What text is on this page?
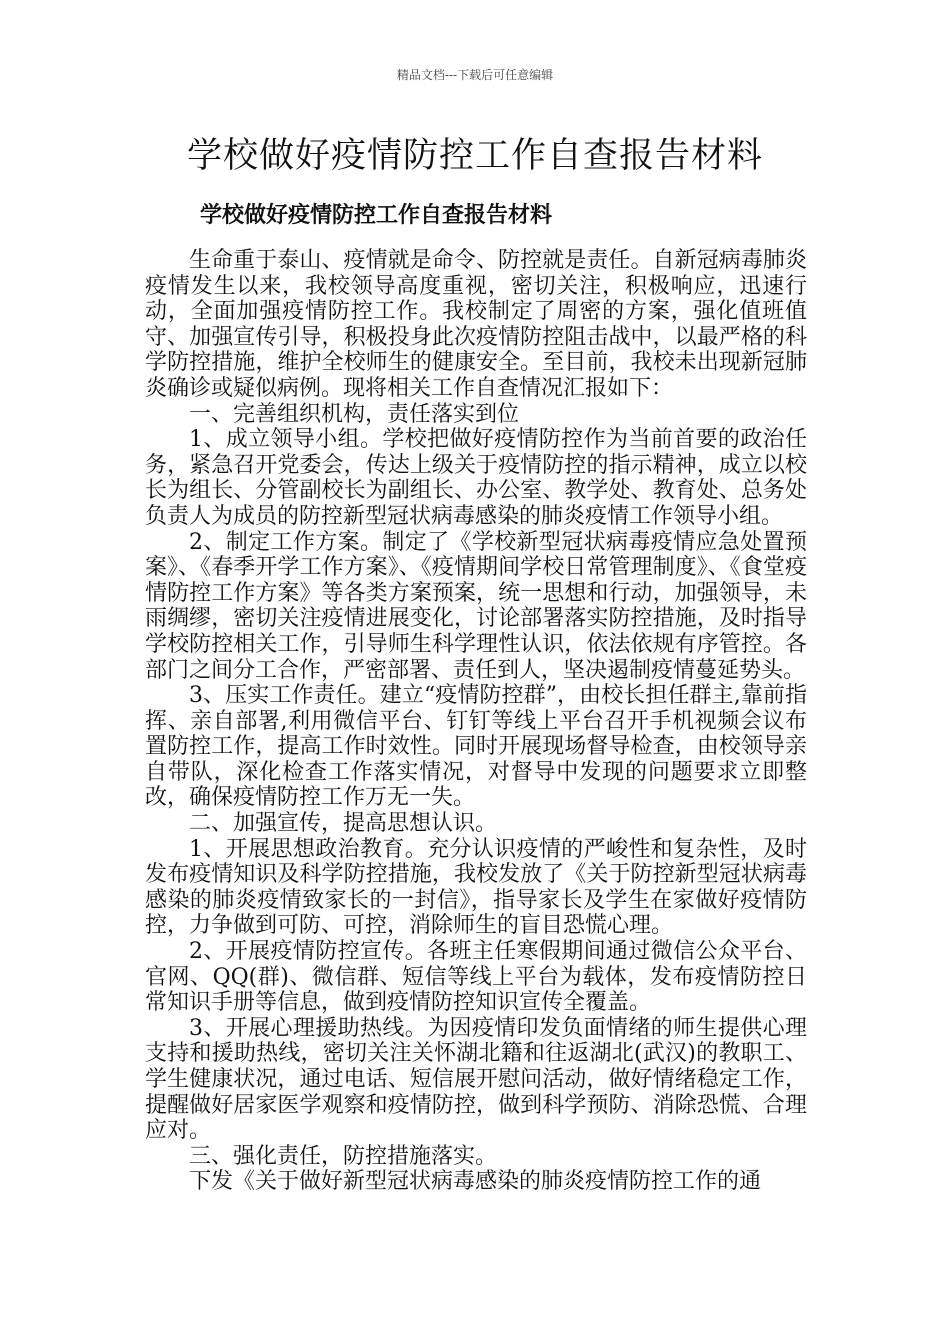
精品文档---下载后可任意编辑
学校做好疫情防控工作自查报告材料
学校做好疫情防控工作自查报告材料

生命重于泰山、疫情就是命令、防控就是责任。自新冠病毒肺炎疫情发生以来，我校领导高度重视，密切关注，积极响应，迅速行动，全面加强疫情防控工作。我校制定了周密的方案，强化值班值守、加强宣传引导，积极投身此次疫情防控阻击战中，以最严格的科学防控措施，维护全校师生的健康安全。至目前，我校未出现新冠肺炎确诊或疑似病例。现将相关工作自查情况汇报如下：

一、完善组织机构，责任落实到位

1、成立领导小组。学校把做好疫情防控作为当前首要的政治任务，紧急召开党委会，传达上级关于疫情防控的指示精神，成立以校长为组长、分管副校长为副组长、办公室、教学处、教育处、总务处负责人为成员的防控新型冠状病毒感染的肺炎疫情工作领导小组。

2、制定工作方案。制定了《学校新型冠状病毒疫情应急处置预案》、《春季开学工作方案》、《疫情期间学校日常管理制度》、《食堂疫情防控工作方案》等各类方案预案，统一思想和行动，加强领导，未雨绸缪，密切关注疫情进展变化，讨论部署落实防控措施，及时指导学校防控相关工作，引导师生科学理性认识，依法依规有序管控。各部门之间分工合作，严密部署、责任到人，坚决遏制疫情蔓延势头。

3、压实工作责任。建立“疫情防控群”，由校长担任群主,靠前指挥、亲自部署,利用微信平台、钉钉等线上平台召开手机视频会议布置防控工作，提高工作时效性。同时开展现场督导检查，由校领导亲自带队，深化检查工作落实情况，对督导中发现的问题要求立即整改，确保疫情防控工作万无一失。

二、加强宣传，提高思想认识。

1、开展思想政治教育。充分认识疫情的严峻性和复杂性，及时发布疫情知识及科学防控措施，我校发放了《关于防控新型冠状病毒感染的肺炎疫情致家长的一封信》，指导家长及学生在家做好疫情防控，力争做到可防、可控，消除师生的盲目恐慌心理。

2、开展疫情防控宣传。各班主任寒假期间通过微信公众平台、官网、QQ(群)、微信群、短信等线上平台为载体，发布疫情防控日常知识手册等信息，做到疫情防控知识宣传全覆盖。

3、开展心理援助热线。为因疫情印发负面情绪的师生提供心理支持和援助热线，密切关注关怀湖北籍和往返湖北(武汉)的教职工、学生健康状况，通过电话、短信展开慰问活动，做好情绪稳定工作，提醒做好居家医学观察和疫情防控，做到科学预防、消除恐慌、合理应对。

三、强化责任，防控措施落实。

下发《关于做好新型冠状病毒感染的肺炎疫情防控工作的通
